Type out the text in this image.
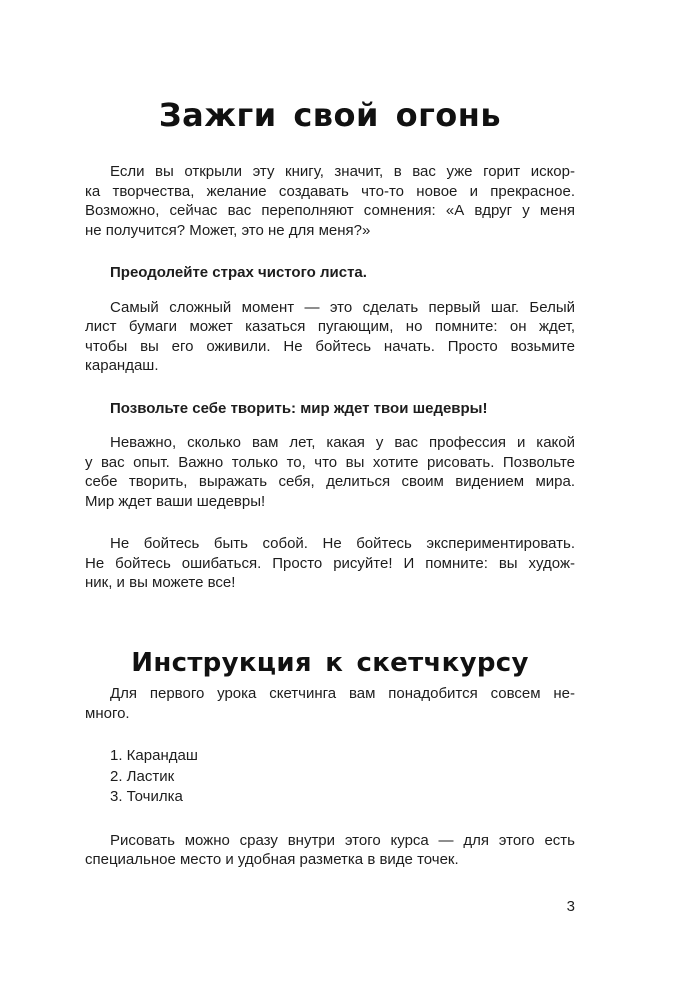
Зажги свой огонь
Если вы открыли эту книгу, значит, в вас уже горит искор-
ка творчества, желание создавать что-то новое и прекрасное.
Возможно, сейчас вас переполняют сомнения: «А вдруг у меня
не получится? Может, это не для меня?»
Преодолейте страх чистого листа.
Самый сложный момент — это сделать первый шаг. Белый
лист бумаги может казаться пугающим, но помните: он ждет,
чтобы вы его оживили. Не бойтесь начать. Просто возьмите
карандаш.
Позвольте себе творить: мир ждет твои шедевры!
Неважно, сколько вам лет, какая у вас профессия и какой
у вас опыт. Важно только то, что вы хотите рисовать. Позвольте
себе творить, выражать себя, делиться своим видением мира.
Мир ждет ваши шедевры!
Не бойтесь быть собой. Не бойтесь экспериментировать.
Не бойтесь ошибаться. Просто рисуйте! И помните: вы худож-
ник, и вы можете все!
Инструкция к скетчкурсу
Для первого урока скетчинга вам понадобится совсем не-
много.
1. Карандаш
2. Ластик
3. Точилка
Рисовать можно сразу внутри этого курса — для этого есть
специальное место и удобная разметка в виде точек.
3
